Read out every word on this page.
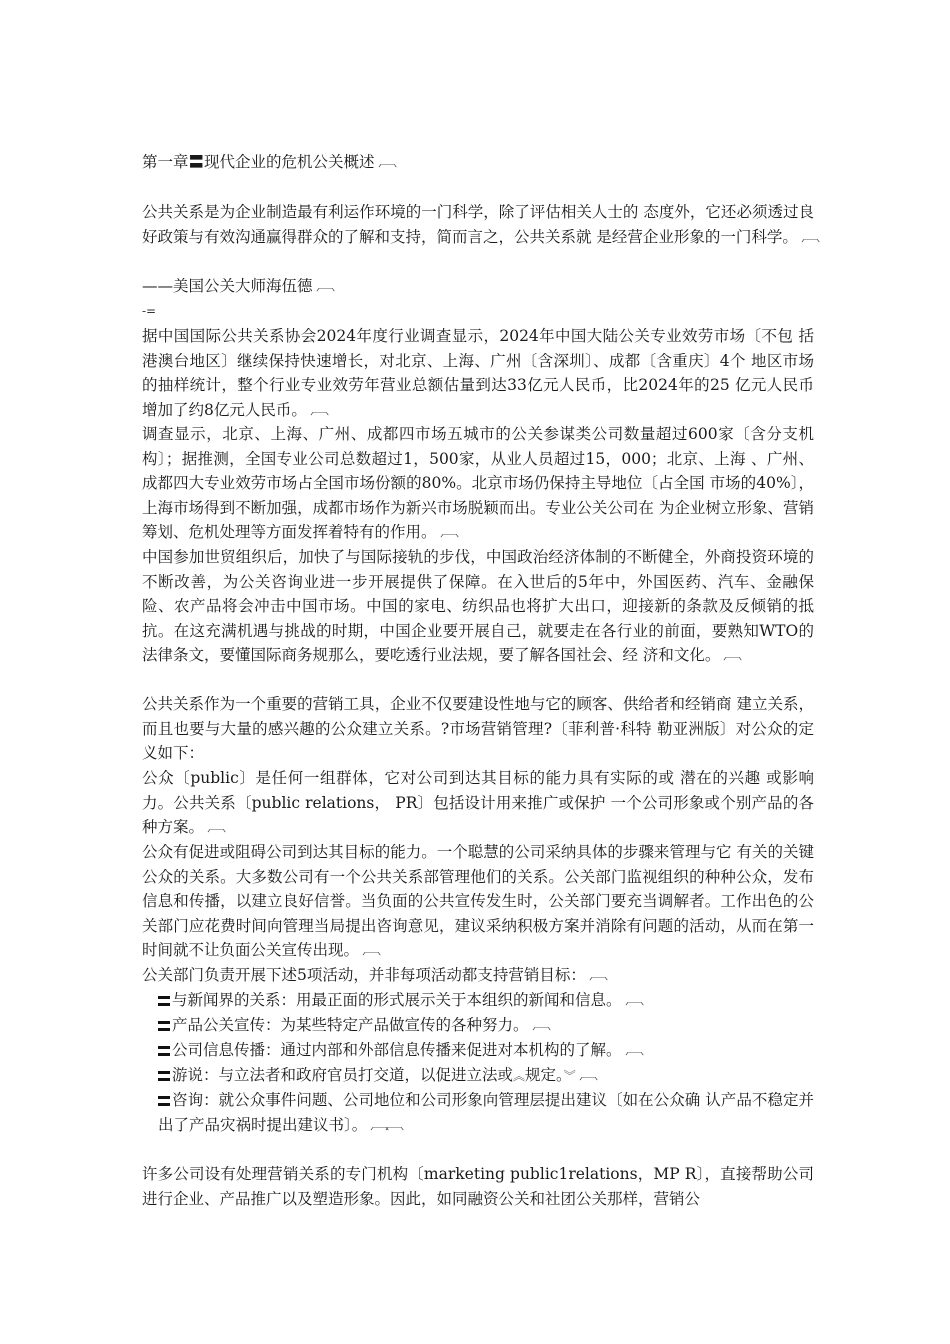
第一章〓现代企业的危机公关概述 ︹

公共关系是为企业制造最有利运作环境的一门科学，除了评估相关人士的 态度外，它还必须透过良好政策与有效沟通赢得群众的了解和支持，简而言之，公共关系就 是经营企业形象的一门科学。 ︹

——美国公关大师海伍德 ︹

-=

据中国国际公共关系协会2024年度行业调查显示，2024年中国大陆公关专业效劳市场〔不包 括港澳台地区〕继续保持快速增长，对北京、上海、广州〔含深圳〕、成都〔含重庆〕4个 地区市场的抽样统计，整个行业专业效劳年营业总额估量到达33亿元人民币，比2024年的25 亿元人民币增加了约8亿元人民币。 ︹

调查显示，北京、上海、广州、成都四市场五城市的公关参谋类公司数量超过600家〔含分支机构〕；据推测，全国专业公司总数超过1，500家，从业人员超过15，000；北京、上海 、广州、成都四大专业效劳市场占全国市场份额的80%。北京市场仍保持主导地位〔占全国 市场的40%〕，上海市场得到不断加强，成都市场作为新兴市场脱颖而出。专业公关公司在 为企业树立形象、营销筹划、危机处理等方面发挥着特有的作用。 ︹

中国参加世贸组织后，加快了与国际接轨的步伐，中国政治经济体制的不断健全，外商投资环境的不断改善，为公关咨询业进一步开展提供了保障。在入世后的5年中，外国医药、汽车、金融保险、农产品将会冲击中国市场。中国的家电、纺织品也将扩大出口，迎接新的条款及反倾销的抵抗。在这充满机遇与挑战的时期，中国企业要开展自己，就要走在各行业的前面，要熟知WTO的法律条文，要懂国际商务规那么，要吃透行业法规，要了解各国社会、经 济和文化。 ︹

公共关系作为一个重要的营销工具，企业不仅要建设性地与它的顾客、供给者和经销商 建立关系，而且也要与大量的感兴趣的公众建立关系。?市场营销管理?〔菲利普·科特 勒亚洲版〕对公众的定义如下：

公众〔public〕是任何一组群体，它对公司到达其目标的能力具有实际的或 潜在的兴趣 或影响力。公共关系〔public relations， PR〕包括设计用来推广或保护 一个公司形象或个别产品的各种方案。 ︹

公众有促进或阻碍公司到达其目标的能力。一个聪慧的公司采纳具体的步骤来管理与它 有关的关键公众的关系。大多数公司有一个公共关系部管理他们的关系。公关部门监视组织的种种公众，发布信息和传播，以建立良好信誉。当负面的公共宣传发生时，公关部门要充当调解者。工作出色的公关部门应花费时间向管理当局提出咨询意见，建议采纳积极方案并消除有问题的活动，从而在第一时间就不让负面公关宣传出现。 ︹

公关部门负责开展下述5项活动，并非每项活动都支持营销目标： ︹

与新闻界的关系：用最正面的形式展示关于本组织的新闻和信息。 ︹

产品公关宣传：为某些特定产品做宣传的各种努力。 ︹

公司信息传播：通过内部和外部信息传播来促进对本机构的了解。 ︹

游说：与立法者和政府官员打交道，以促进立法或︽规定。︾ ︹

咨询：就公众事件问题、公司地位和公司形象向管理层提出建议〔如在公众确 认产品不稳定并出了产品灾祸时提出建议书〕。 ︹︹

许多公司设有处理营销关系的专门机构〔marketing public1relations，MP R〕，直接帮助公司进行企业、产品推广以及塑造形象。因此，如同融资公关和社团公关那样，营销公
